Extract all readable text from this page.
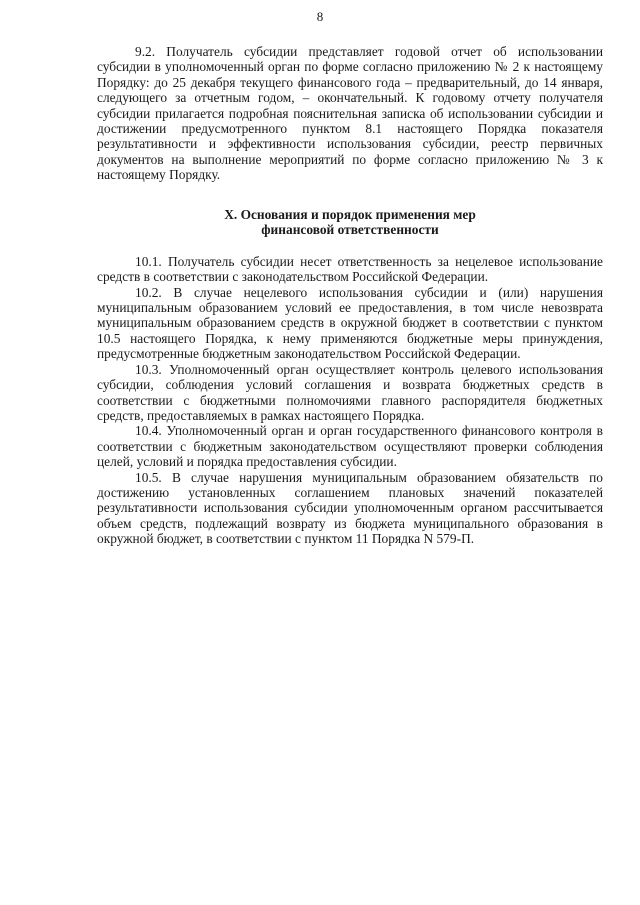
8

9.2. Получатель субсидии представляет годовой отчет об использовании субсидии в уполномоченный орган по форме согласно приложению № 2 к настоящему Порядку: до 25 декабря текущего финансового года – предварительный, до 14 января, следующего за отчетным годом, – окончательный. К годовому отчету получателя субсидии прилагается подробная пояснительная записка об использовании субсидии и достижении предусмотренного пунктом 8.1 настоящего Порядка показателя результативности и эффективности использования субсидии, реестр первичных документов на выполнение мероприятий по форме согласно приложению № 3 к настоящему Порядку.

X. Основания и порядок применения мер
финансовой ответственности

10.1. Получатель субсидии несет ответственность за нецелевое использование средств в соответствии с законодательством Российской Федерации.

10.2. В случае нецелевого использования субсидии и (или) нарушения муниципальным образованием условий ее предоставления, в том числе невозврата муниципальным образованием средств в окружной бюджет в соответствии с пунктом 10.5 настоящего Порядка, к нему применяются бюджетные меры принуждения, предусмотренные бюджетным законодательством Российской Федерации.

10.3. Уполномоченный орган осуществляет контроль целевого использования субсидии, соблюдения условий соглашения и возврата бюджетных средств в соответствии с бюджетными полномочиями главного распорядителя бюджетных средств, предоставляемых в рамках настоящего Порядка.

10.4. Уполномоченный орган и орган государственного финансового контроля в соответствии с бюджетным законодательством осуществляют проверки соблюдения целей, условий и порядка предоставления субсидии.

10.5. В случае нарушения муниципальным образованием обязательств по достижению установленных соглашением плановых значений показателей результативности использования субсидии уполномоченным органом рассчитывается объем средств, подлежащий возврату из бюджета муниципального образования в окружной бюджет, в соответствии с пунктом 11 Порядка N 579-П.
